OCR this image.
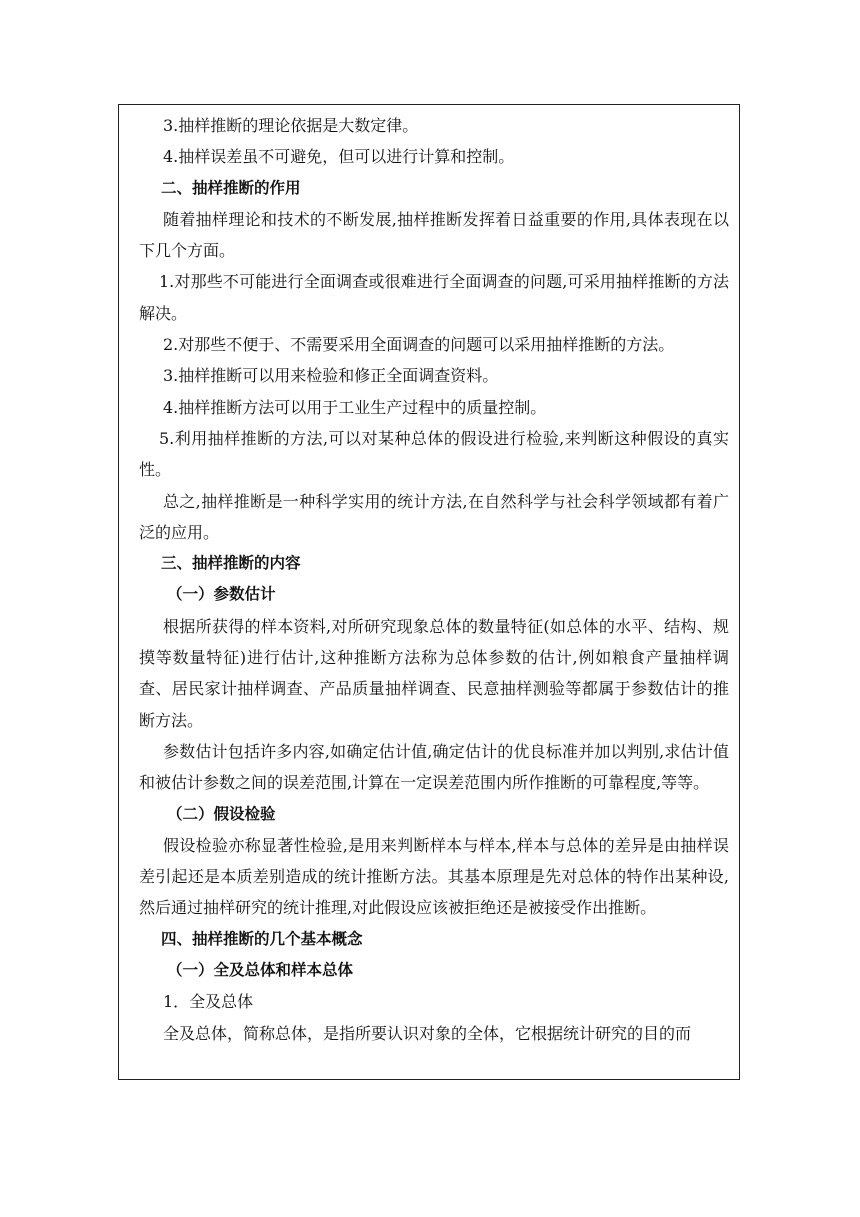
3.抽样推断的理论依据是大数定律。
4.抽样误差虽不可避免，但可以进行计算和控制。
二、抽样推断的作用
随着抽样理论和技术的不断发展,抽样推断发挥着日益重要的作用,具体表现在以下几个方面。
1.对那些不可能进行全面调查或很难进行全面调查的问题,可采用抽样推断的方法解决。
2.对那些不便于、不需要采用全面调查的问题可以采用抽样推断的方法。
3.抽样推断可以用来检验和修正全面调查资料。
4.抽样推断方法可以用于工业生产过程中的质量控制。
5.利用抽样推断的方法,可以对某种总体的假设进行检验,来判断这种假设的真实性。
总之,抽样推断是一种科学实用的统计方法,在自然科学与社会科学领域都有着广泛的应用。
三、抽样推断的内容
（一）参数估计
根据所获得的样本资料,对所研究现象总体的数量特征(如总体的水平、结构、规摸等数量特征)进行估计,这种推断方法称为总体参数的估计,例如粮食产量抽样调查、居民家计抽样调查、产品质量抽样调查、民意抽样测验等都属于参数估计的推断方法。
参数估计包括许多内容,如确定估计值,确定估计的优良标准并加以判别,求估计值和被估计参数之间的误差范围,计算在一定误差范围内所作推断的可靠程度,等等。
（二）假设检验
假设检验亦称显著性检验,是用来判断样本与样本,样本与总体的差异是由抽样误差引起还是本质差别造成的统计推断方法。其基本原理是先对总体的特作出某种设,然后通过抽样研究的统计推理,对此假设应该被拒绝还是被接受作出推断。
四、抽样推断的几个基本概念
（一）全及总体和样本总体
1．全及总体
全及总体，简称总体，是指所要认识对象的全体，它根据统计研究的目的而
